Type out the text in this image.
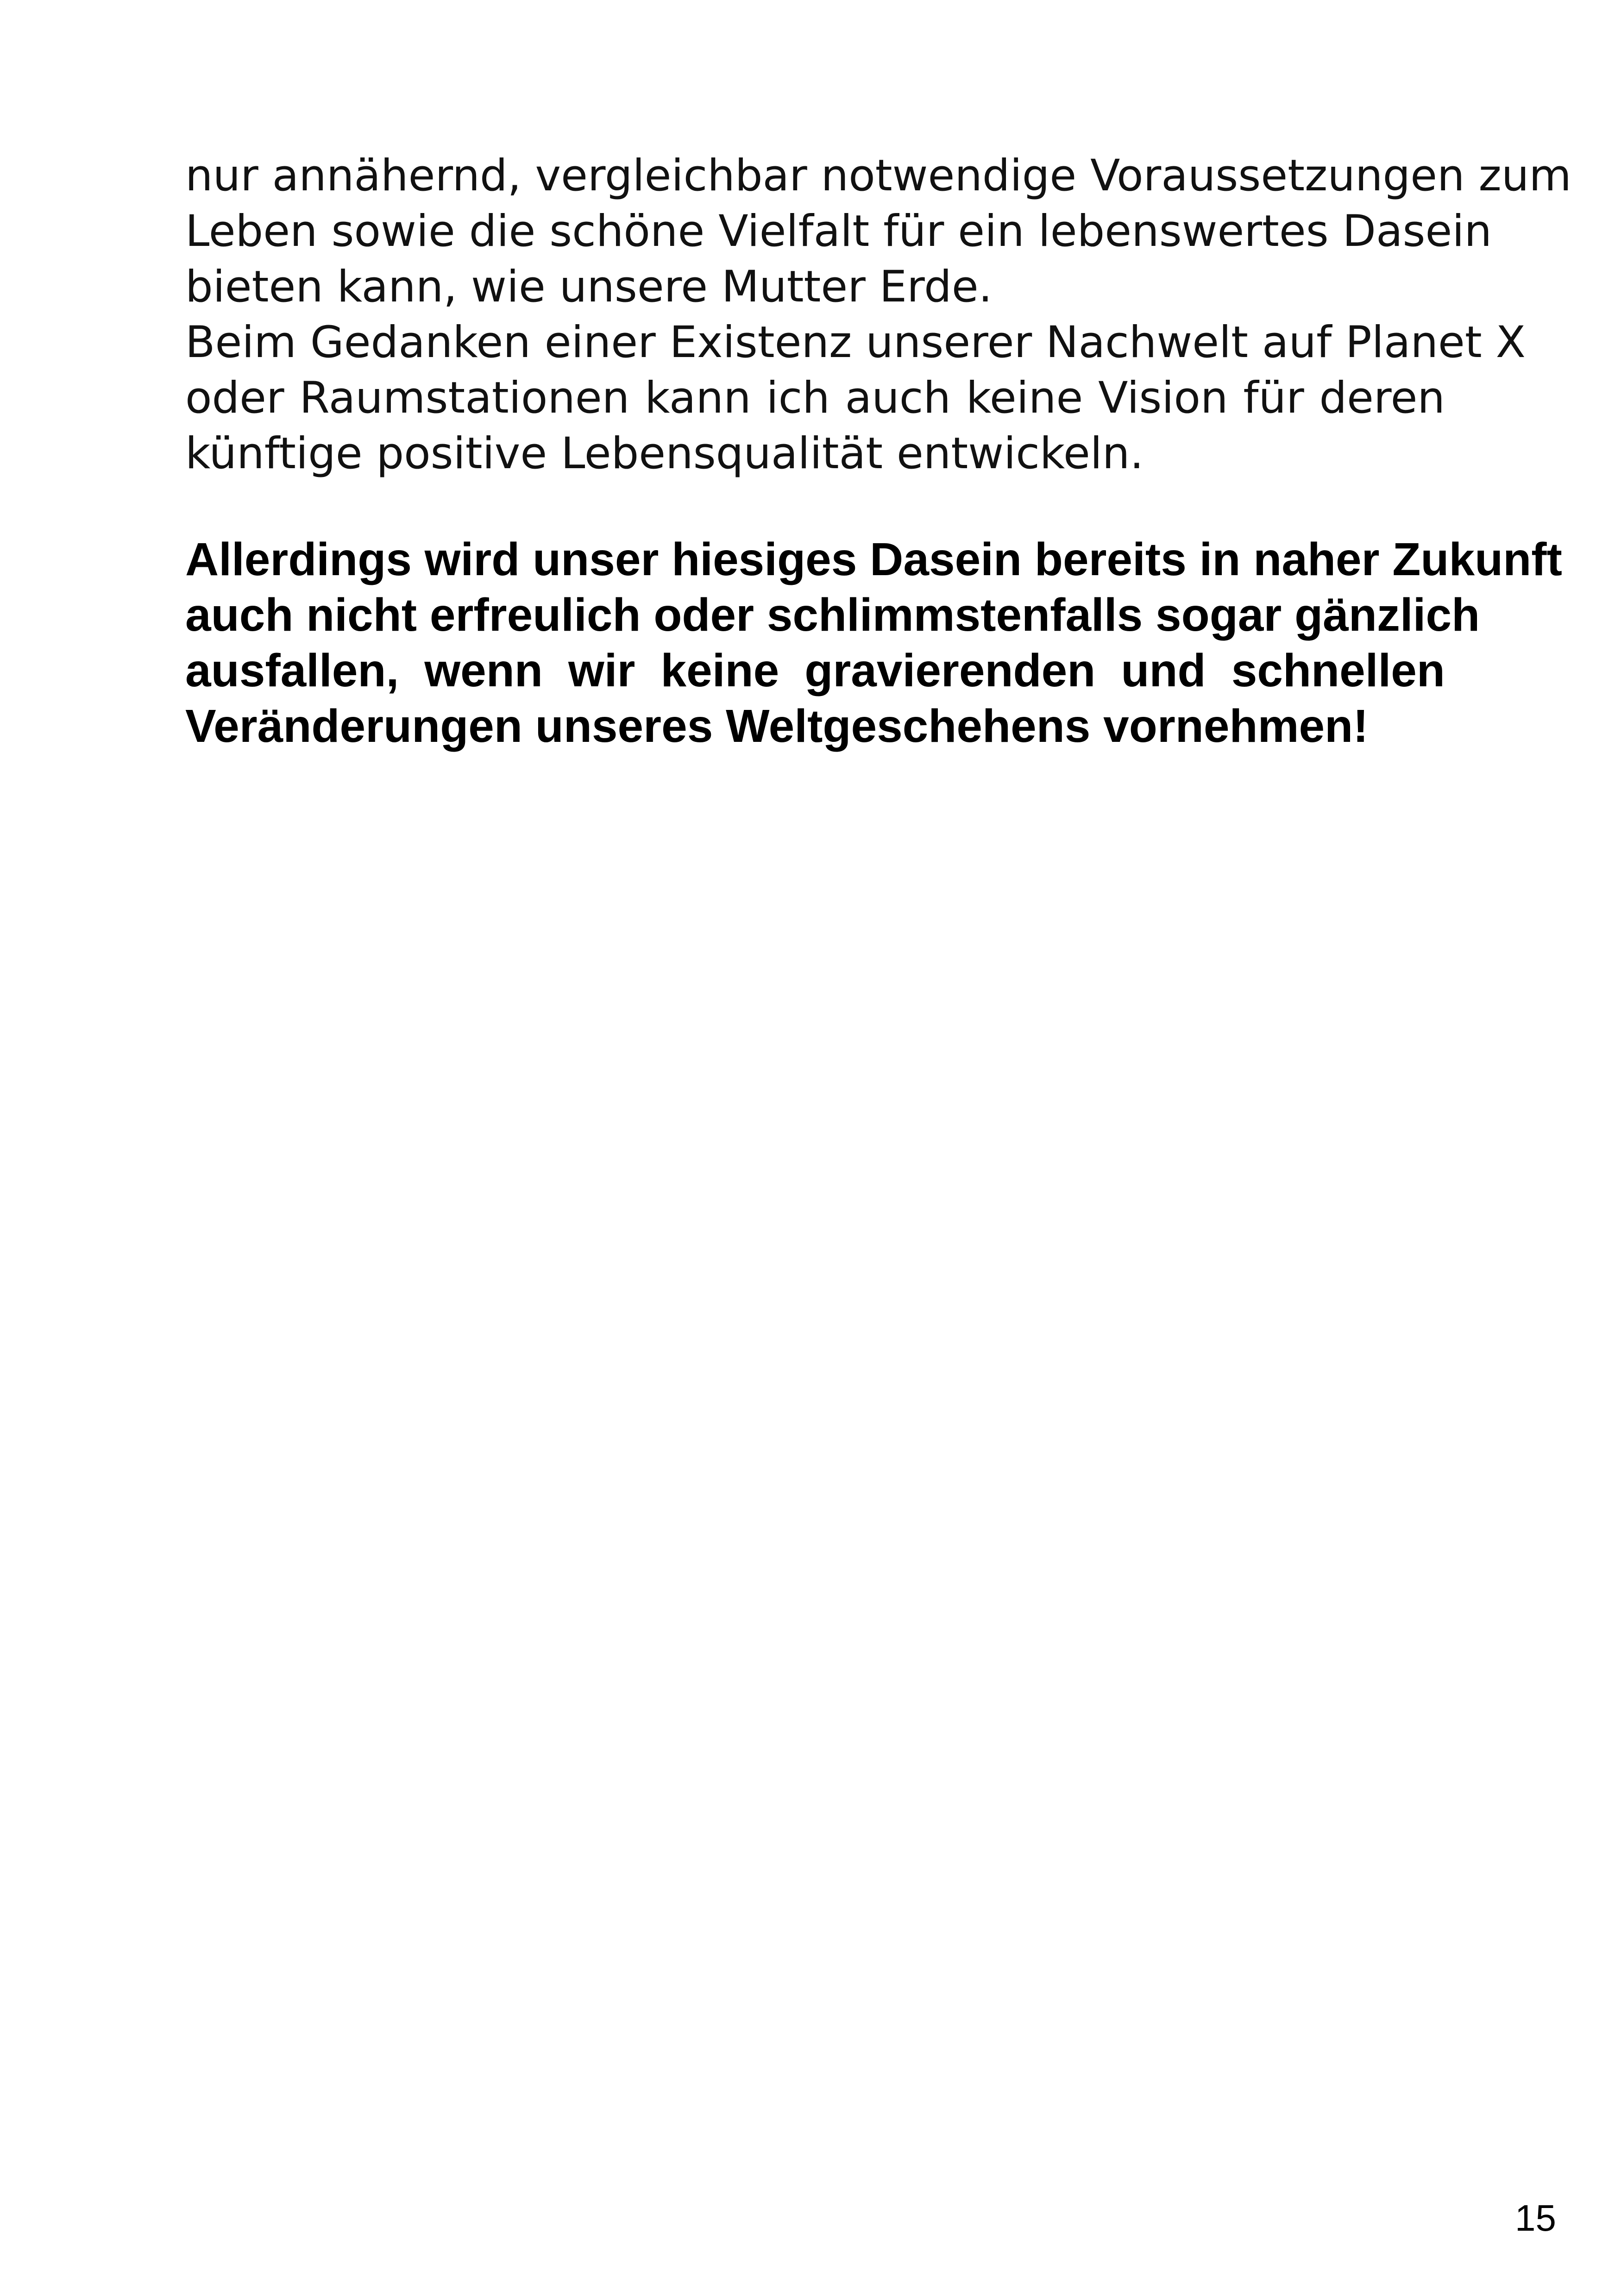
nur annähernd, vergleichbar notwendige Voraussetzungen zum
Leben sowie die schöne Vielfalt für ein lebenswertes Dasein
bieten kann, wie unsere Mutter Erde.
Beim Gedanken einer Existenz unserer Nachwelt auf Planet X
oder Raumstationen kann ich auch keine Vision für deren
künftige positive Lebensqualität entwickeln.
Allerdings wird unser hiesiges Dasein bereits in naher Zukunft
auch nicht erfreulich oder schlimmstenfalls sogar gänzlich
ausfallen, wenn wir keine gravierenden und schnellen
Veränderungen unseres Weltgeschehens vornehmen!
15
